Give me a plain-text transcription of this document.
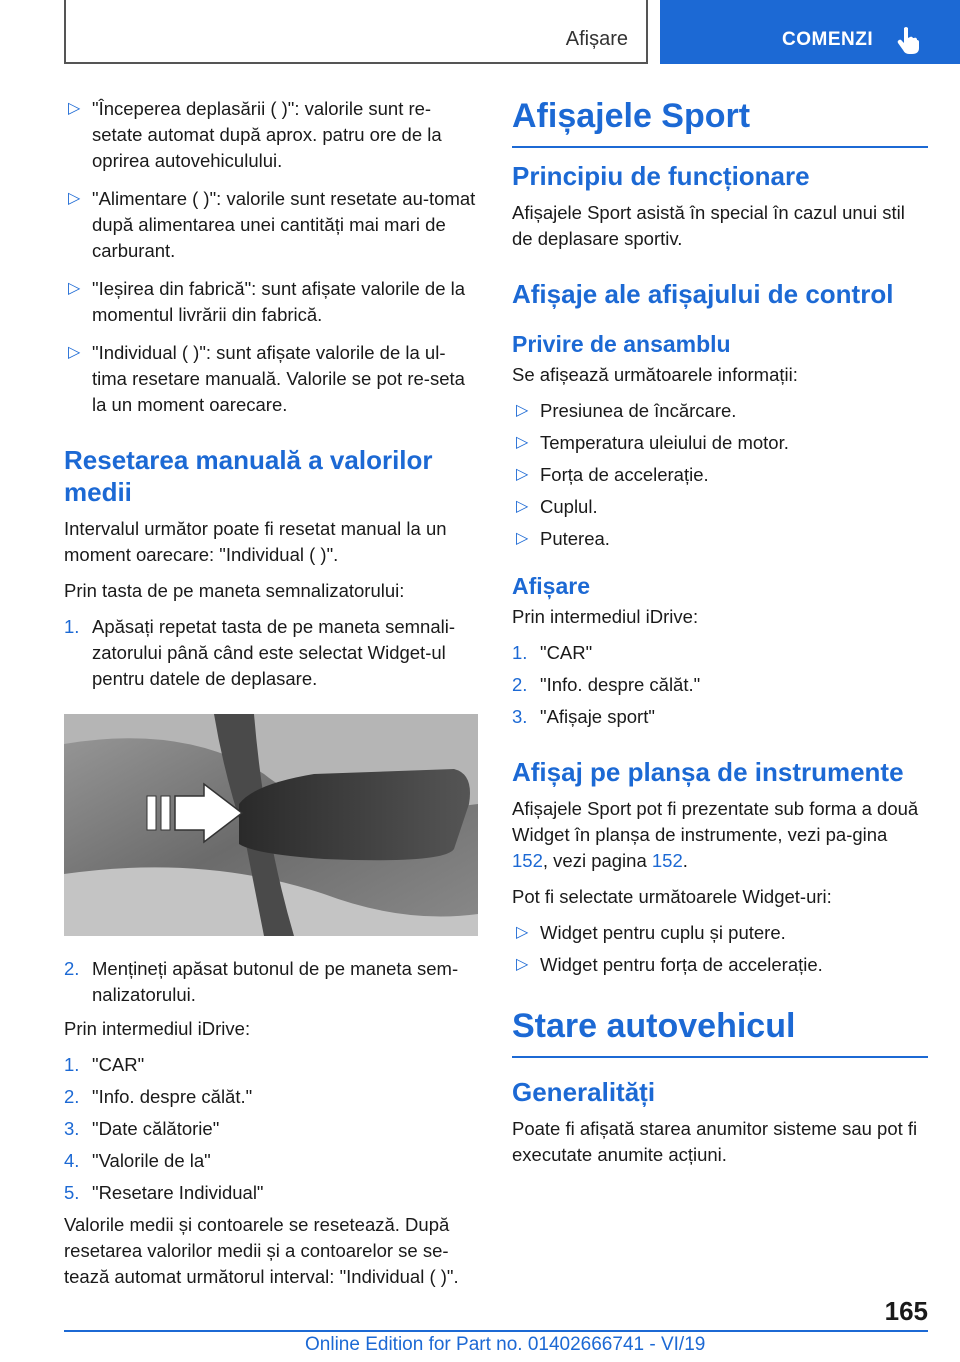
Afișare	COMENZI
▷ "Începerea deplasării ( )": valorile sunt re-setate automat după aprox. patru ore de la oprirea autovehiculului.
▷ "Alimentare ( )": valorile sunt resetate au-tomat după alimentarea unei cantități mai mari de carburant.
▷ "Ieșirea din fabrică": sunt afișate valorile de la momentul livrării din fabrică.
▷ "Individual ( )": sunt afișate valorile de la ul-tima resetare manuală. Valorile se pot re-seta la un moment oarecare.
Resetarea manuală a valorilor medii

Intervalul următor poate fi resetat manual la un moment oarecare: "Individual ( )".

Prin tasta de pe maneta semnalizatorului:

1. Apăsați repetat tasta de pe maneta semnali-zatorului până când este selectat Widget-ul pentru datele de deplasare.
2. Mențineți apăsat butonul de pe maneta sem-nalizatorului.

Prin intermediul iDrive:

1. "CAR"
2. "Info. despre călăt."
3. "Date călătorie"
4. "Valorile de la"
5. "Resetare Individual"

Valorile medii și contoarele se resetează. După resetarea valorilor medii și a contoarelor se se-tează automat următorul interval: "Individual ( )".

Afișajele Sport
Principiu de funcționare

Afișajele Sport asistă în special în cazul unui stil de deplasare sportiv.

Afișaje ale afișajului de control
Privire de ansamblu

Se afișează următoarele informații:

▷ Presiunea de încărcare.
▷ Temperatura uleiului de motor.
▷ Forța de accelerație.
▷ Cuplul.
▷ Puterea.
Afișare

Prin intermediul iDrive:

1. "CAR"
2. "Info. despre călăt."
3. "Afișaje sport"
Afișaj pe planșa de instrumente

Afișajele Sport pot fi prezentate sub forma a două Widget în planșa de instrumente, vezi pa-gina 152, vezi pagina 152.

Pot fi selectate următoarele Widget-uri:

▷ Widget pentru cuplu și putere.
▷ Widget pentru forța de accelerație.
Stare autovehicul
Generalități

Poate fi afișată starea anumitor sisteme sau pot fi executate anumite acțiuni.

165
Online Edition for Part no. 01402666741 - VI/19
